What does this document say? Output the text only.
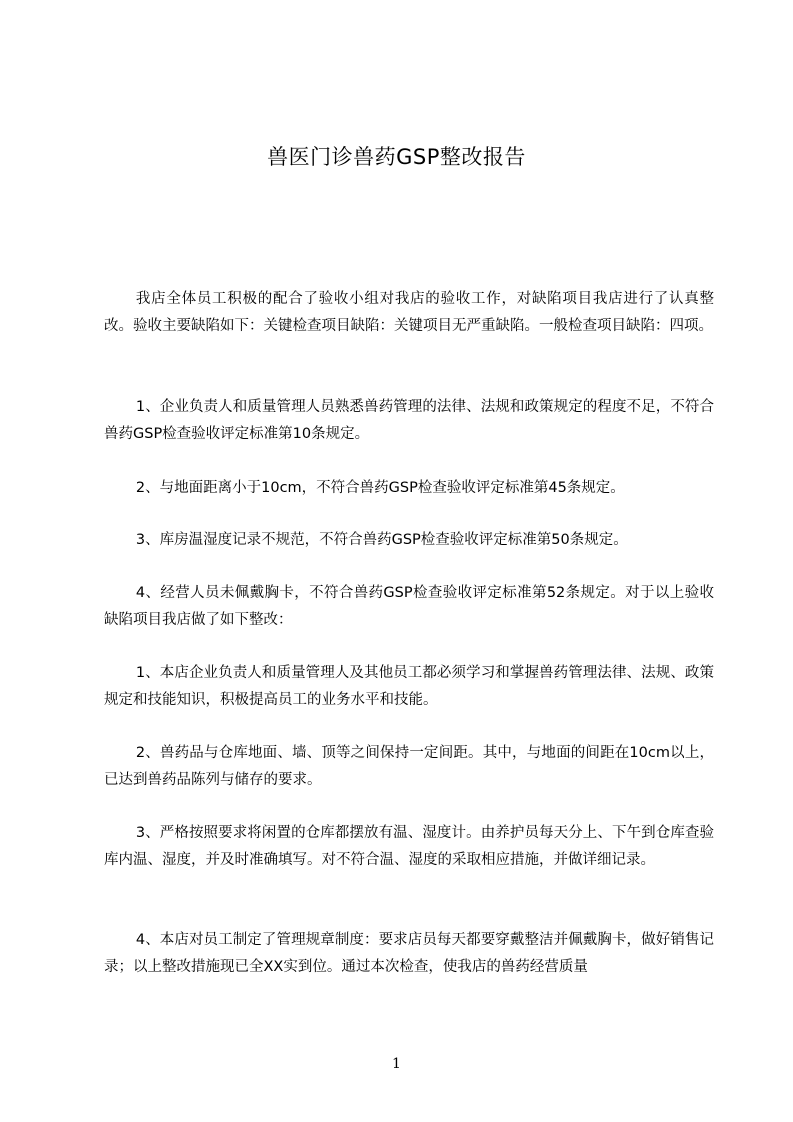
兽医门诊兽药GSP整改报告

我店全体员工积极的配合了验收小组对我店的验收工作，对缺陷项目我店进行了认真整改。验收主要缺陷如下：关键检查项目缺陷：关键项目无严重缺陷。一般检查项目缺陷：四项。

1、企业负责人和质量管理人员熟悉兽药管理的法律、法规和政策规定的程度不足，不符合兽药GSP检查验收评定标准第10条规定。

2、与地面距离小于10cm，不符合兽药GSP检查验收评定标准第45条规定。

3、库房温湿度记录不规范，不符合兽药GSP检查验收评定标准第50条规定。

4、经营人员未佩戴胸卡，不符合兽药GSP检查验收评定标准第52条规定。对于以上验收缺陷项目我店做了如下整改：

1、本店企业负责人和质量管理人及其他员工都必须学习和掌握兽药管理法律、法规、政策规定和技能知识，积极提高员工的业务水平和技能。

2、兽药品与仓库地面、墙、顶等之间保持一定间距。其中，与地面的间距在10cm以上，已达到兽药品陈列与储存的要求。

3、严格按照要求将闲置的仓库都摆放有温、湿度计。由养护员每天分上、下午到仓库查验库内温、湿度，并及时准确填写。对不符合温、湿度的采取相应措施，并做详细记录。

4、本店对员工制定了管理规章制度：要求店员每天都要穿戴整洁并佩戴胸卡，做好销售记录；以上整改措施现已全XX实到位。通过本次检查，使我店的兽药经营质量

1
